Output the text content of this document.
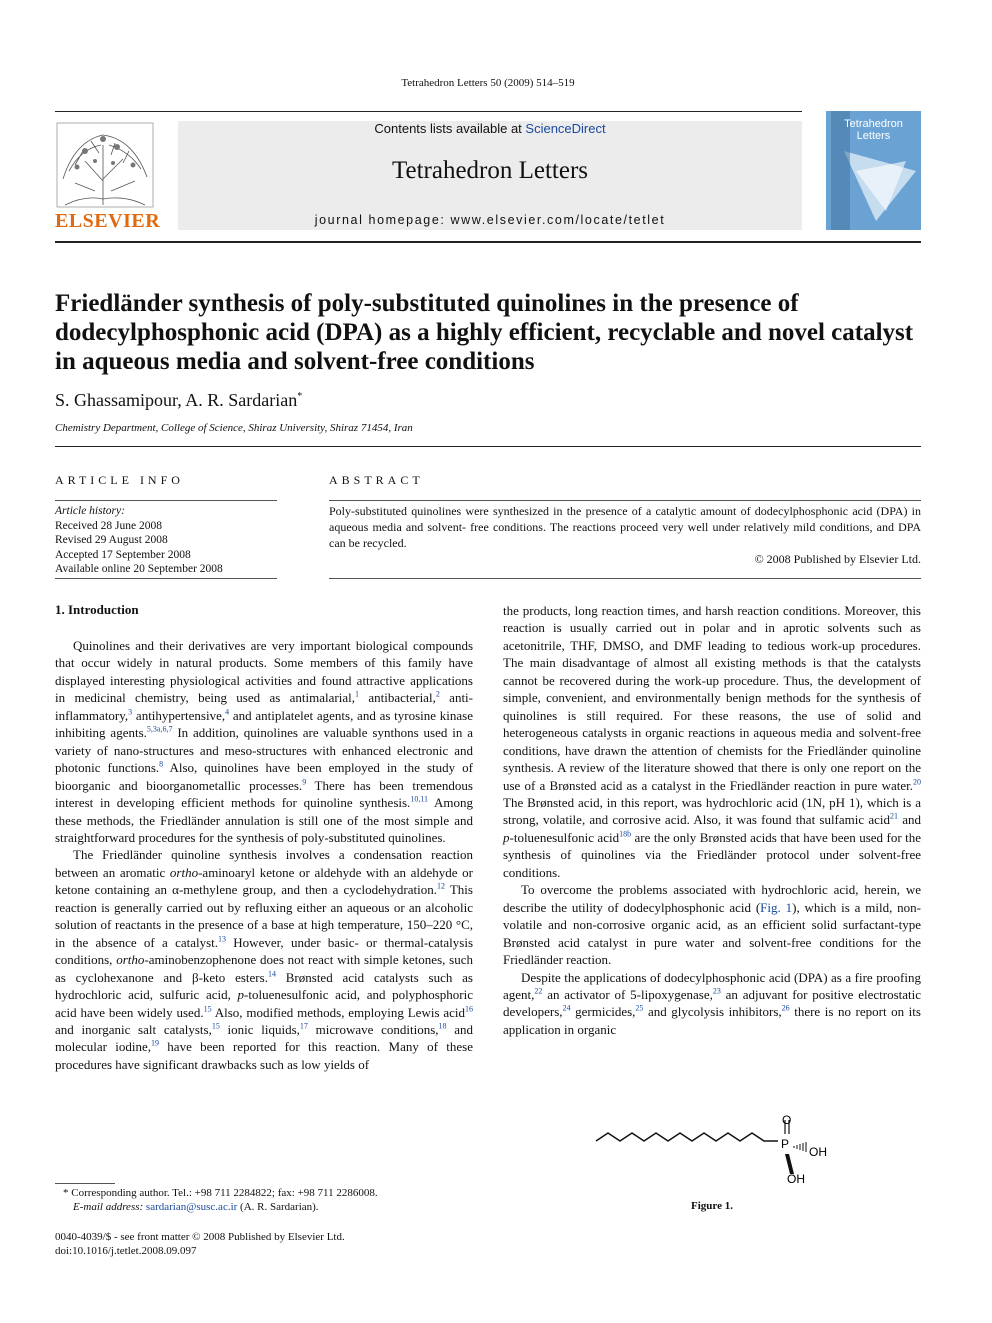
Tetrahedron Letters 50 (2009) 514–519
ELSEVIER
Contents lists available at ScienceDirect
Tetrahedron Letters
journal homepage: www.elsevier.com/locate/tetlet
Tetrahedron Letters
Friedländer synthesis of poly-substituted quinolines in the presence of dodecylphosphonic acid (DPA) as a highly efficient, recyclable and novel catalyst in aqueous media and solvent-free conditions
S. Ghassamipour, A. R. Sardarian*
Chemistry Department, College of Science, Shiraz University, Shiraz 71454, Iran
ARTICLE INFO
Article history:
Received 28 June 2008
Revised 29 August 2008
Accepted 17 September 2008
Available online 20 September 2008
ABSTRACT
Poly-substituted quinolines were synthesized in the presence of a catalytic amount of dodecylphosphonic acid (DPA) in aqueous media and solvent- free conditions. The reactions proceed very well under relatively mild conditions, and DPA can be recycled.
© 2008 Published by Elsevier Ltd.
1. Introduction

Quinolines and their derivatives are very important biological compounds that occur widely in natural products. Some members of this family have displayed interesting physiological activities and found attractive applications in medicinal chemistry, being used as antimalarial,$^1$ antibacterial,$^2$ anti-inflammatory,$^3$ antihypertensive,$^4$ and antiplatelet agents, and as tyrosine kinase inhibiting agents.$^{5,3a,6,7}$ In addition, quinolines are valuable synthons used in a variety of nano-structures and meso-structures with enhanced electronic and photonic functions.$^8$ Also, quinolines have been employed in the study of bioorganic and bioorganometallic processes.$^9$ There has been tremendous interest in developing efficient methods for quinoline synthesis.$^{10,11}$ Among these methods, the Friedländer annulation is still one of the most simple and straightforward procedures for the synthesis of poly-substituted quinolines.

The Friedländer quinoline synthesis involves a condensation reaction between an aromatic ortho-aminoaryl ketone or aldehyde with an aldehyde or ketone containing an α-methylene group, and then a cyclodehydration.$^{12}$ This reaction is generally carried out by refluxing either an aqueous or an alcoholic solution of reactants in the presence of a base at high temperature, 150–220 °C, in the absence of a catalyst.$^{13}$ However, under basic- or thermal-catalysis conditions, ortho-aminobenzophenone does not react with simple ketones, such as cyclohexanone and β-keto esters.$^{14}$ Brønsted acid catalysts such as hydrochloric acid, sulfuric acid, p-toluenesulfonic acid, and polyphosphoric acid have been widely used.$^{15}$ Also, modified methods, employing Lewis acid$^{16}$ and inorganic salt catalysts,$^{15}$ ionic liquids,$^{17}$ microwave conditions,$^{18}$ and molecular iodine,$^{19}$ have been reported for this reaction. Many of these procedures have significant drawbacks such as low yields of

the products, long reaction times, and harsh reaction conditions. Moreover, this reaction is usually carried out in polar and in aprotic solvents such as acetonitrile, THF, DMSO, and DMF leading to tedious work-up procedures. The main disadvantage of almost all existing methods is that the catalysts cannot be recovered during the work-up procedure. Thus, the development of simple, convenient, and environmentally benign methods for the synthesis of quinolines is still required. For these reasons, the use of solid and heterogeneous catalysts in organic reactions in aqueous media and solvent-free conditions, have drawn the attention of chemists for the Friedländer quinoline synthesis. A review of the literature showed that there is only one report on the use of a Brønsted acid as a catalyst in the Friedländer reaction in pure water.$^{20}$ The Brønsted acid, in this report, was hydrochloric acid (1N, pH 1), which is a strong, volatile, and corrosive acid. Also, it was found that sulfamic acid$^{21}$ and p-toluenesulfonic acid$^{18b}$ are the only Brønsted acids that have been used for the synthesis of quinolines via the Friedländer protocol under solvent-free conditions.

To overcome the problems associated with hydrochloric acid, herein, we describe the utility of dodecylphosphonic acid (Fig. 1), which is a mild, non-volatile and non-corrosive organic acid, as an efficient solid surfactant-type Brønsted acid catalyst in pure water and solvent-free conditions for the Friedländer reaction.

Despite the applications of dodecylphosphonic acid (DPA) as a fire proofing agent,$^{22}$ an activator of 5-lipoxygenase,$^{23}$ an adjuvant for positive electrostatic developers,$^{24}$ germicides,$^{25}$ and glycolysis inhibitors,$^{26}$ there is no report on its application in organic

O
P
OH
OH
Figure 1.
* Corresponding author. Tel.: +98 711 2284822; fax: +98 711 2286008.
E-mail address: sardarian@susc.ac.ir (A. R. Sardarian).
0040-4039/$ - see front matter © 2008 Published by Elsevier Ltd.
doi:10.1016/j.tetlet.2008.09.097
